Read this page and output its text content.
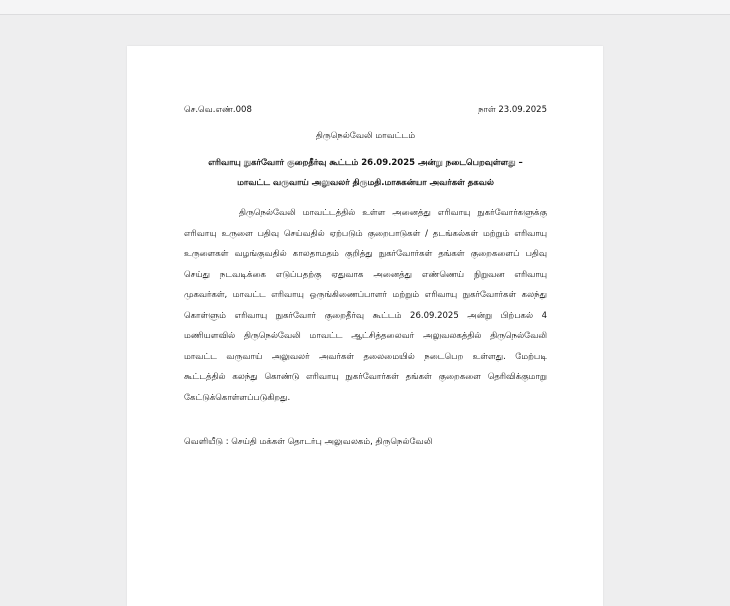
செ.வெ.எண்.008	நாள் 23.09.2025
திருநெல்வேலி மாவட்டம்
எரிவாயு நுகர்வோர் குறைதீர்வு கூட்டம் 26.09.2025 அன்று நடைபெறவுள்ளது –
மாவட்ட வருவாய் அலுவலர் திருமதி.மாசுகன்யா அவர்கள் தகவல்
திருநெல்வேலி மாவட்டத்தில் உள்ள அனைத்து எரிவாயு நுகர்வோர்களுக்கு எரிவாயு உருளை பதிவு செய்வதில் ஏற்படும் குறைபாடுகள் / தடங்கல்கள் மற்றும் எரிவாயு உருளைகள் வழங்குவதில் காலதாமதம் குறித்து நுகர்வோர்கள் தங்கள் குறைகளைப் பதிவு செய்து நடவடிக்கை எடுப்பதற்கு ஏதுவாக அனைத்து எண்ணெய் நிறுவன எரிவாயு முகவர்கள், மாவட்ட எரிவாயு ஒருங்கிணைப்பாளர் மற்றும் எரிவாயு நுகர்வோர்கள் கலந்து கொள்ளும் எரிவாயு நுகர்வோர் குறைதீர்வு கூட்டம் 26.09.2025 அன்று பிற்பகல் 4 மணியளவில் திருநெல்வேலி மாவட்ட ஆட்சித்தலைவர் அலுவலகத்தில் திருநெல்வேலி மாவட்ட வருவாய் அலுவலர் அவர்கள் தலைமையில் நடைபெற உள்ளது. மேற்படி கூட்டத்தில் கலந்து கொண்டு எரிவாயு நுகர்வோர்கள் தங்கள் குறைகளை தெரிவிக்குமாறு கேட்டுக்கொள்ளப்படுகிறது.
வெளியீடு : செய்தி மக்கள் தொடர்பு அலுவலகம், திருநெல்வேலி
